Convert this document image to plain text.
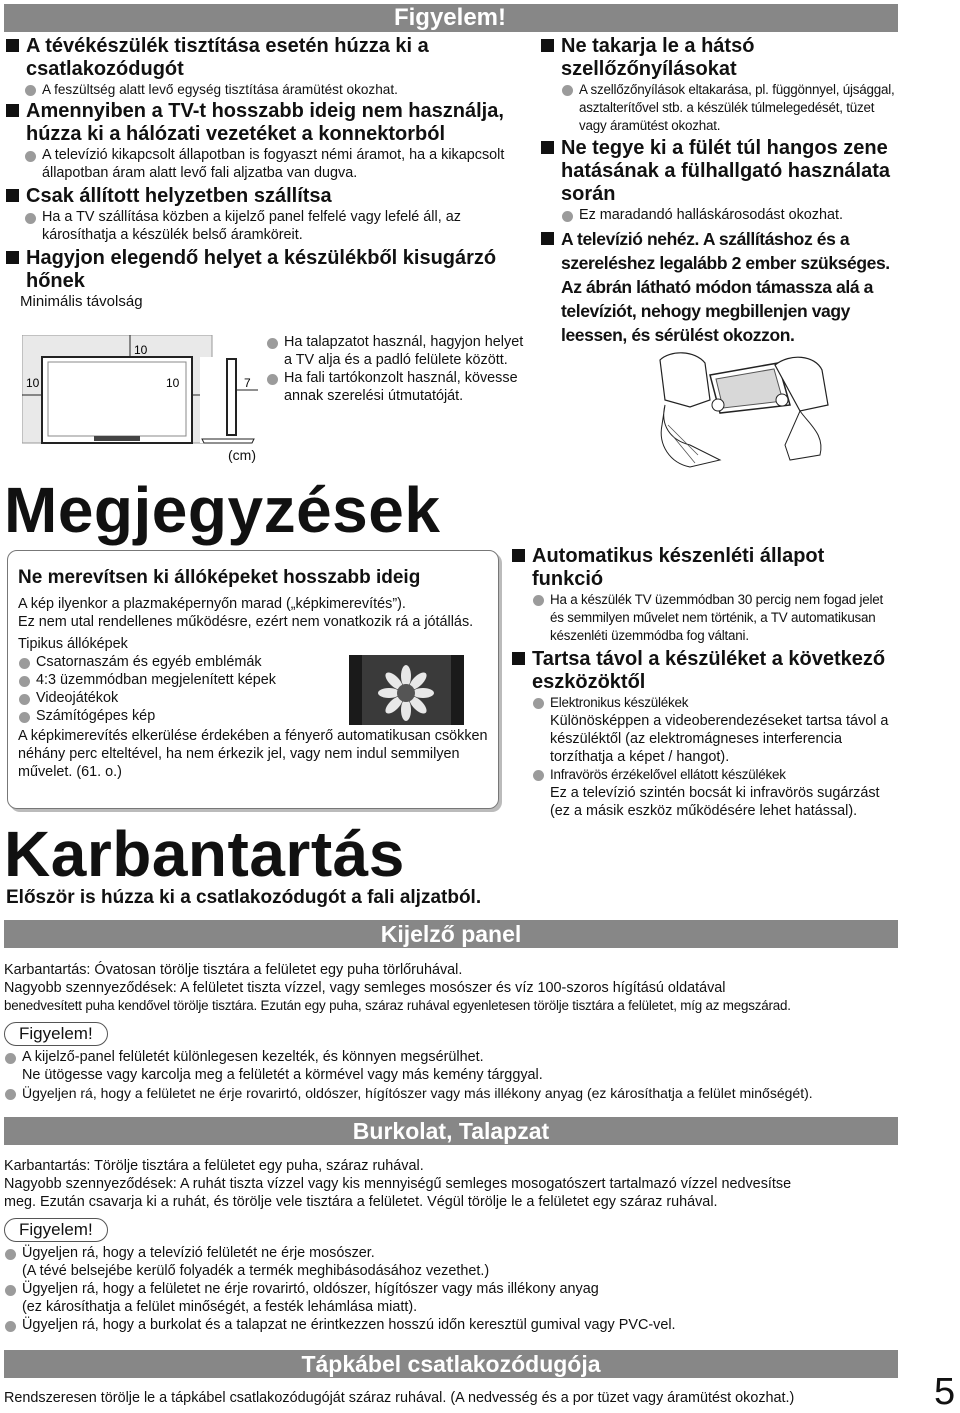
Figyelem!
A tévékészülék tisztítása esetén húzza ki a csatlakozódugót
A feszültség alatt levő egység tisztítása áramütést okozhat.
Amennyiben a TV-t hosszabb ideig nem használja, húzza ki a hálózati vezetéket a konnektorból
A televízió kikapcsolt állapotban is fogyaszt némi áramot, ha a kikapcsolt állapotban áram alatt levő fali aljzatba van dugva.
Csak állított helyzetben szállítsa
Ha a TV szállítása közben a kijelző panel felfelé vagy lefelé áll, az károsíthatja a készülék belső áramköreit.
Hagyjon elegendő helyet a készülékből kisugárzó hőnek
Minimális távolság
10
10	10	7
(cm)
Ha talapzatot használ, hagyjon helyet a TV alja és a padló felülete között.
Ha fali tartókonzolt használ, kövesse annak szerelési útmutatóját.
Ne takarja le a hátsó szellőzőnyílásokat
A szellőzőnyílások eltakarása, pl. függönnyel, újsággal, asztalterítővel stb. a készülék túlmelegedését, tüzet vagy áramütést okozhat.
Ne tegye ki a fülét túl hangos zene hatásának a fülhallgató használata során
Ez maradandó halláskárosodást okozhat.
A televízió nehéz. A szállításhoz és a szereléshez legalább 2 ember szükséges. Az ábrán látható módon támassza alá a televíziót, nehogy megbillenjen vagy leessen, és sérülést okozzon.
Megjegyzések
Ne merevítsen ki állóképeket hosszabb ideig
A kép ilyenkor a plazmaképernyőn marad („képkimerevítés”).
Ez nem utal rendellenes működésre, ezért nem vonatkozik rá a jótállás.
Tipikus állóképek
Csatornaszám és egyéb emblémák
4:3 üzemmódban megjelenített képek
Videojátékok
Számítógépes kép
A képkimerevítés elkerülése érdekében a fényerő automatikusan csökken néhány perc elteltével, ha nem érkezik jel, vagy nem indul semmilyen művelet. (61. o.)
Automatikus készenléti állapot funkció
Ha a készülék TV üzemmódban 30 percig nem fogad jelet és semmilyen művelet nem történik, a TV automatikusan készenléti üzemmódba fog váltani.
Tartsa távol a készüléket a következő eszközöktől
Elektronikus készülékek
Különösképpen a videoberendezéseket tartsa távol a készüléktől (az elektromágneses interferencia torzíthatja a képet / hangot).
Infravörös érzékelővel ellátott készülékek
Ez a televízió szintén bocsát ki infravörös sugárzást (ez a másik eszköz működésére lehet hatással).
Karbantartás
Először is húzza ki a csatlakozódugót a fali aljzatból.
Kijelző panel
Karbantartás: Óvatosan törölje tisztára a felületet egy puha törlőruhával.
Nagyobb szennyeződések: A felületet tiszta vízzel, vagy semleges mosószer és víz 100-szoros hígítású oldatával
benedvesített puha kendővel törölje tisztára. Ezután egy puha, száraz ruhával egyenletesen törölje tisztára a felületet, míg az megszárad.
Figyelem!
A kijelző-panel felületét különlegesen kezelték, és könnyen megsérülhet.
Ne ütögesse vagy karcolja meg a felületét a körmével vagy más kemény tárggyal.
Ügyeljen rá, hogy a felületet ne érje rovarirtó, oldószer, hígítószer vagy más illékony anyag (ez károsíthatja a felület minőségét).
Burkolat, Talapzat
Karbantartás: Törölje tisztára a felületet egy puha, száraz ruhával.
Nagyobb szennyeződések: A ruhát tiszta vízzel vagy kis mennyiségű semleges mosogatószert tartalmazó vízzel nedvesítse
meg. Ezután csavarja ki a ruhát, és törölje vele tisztára a felületet. Végül törölje le a felületet egy száraz ruhával.
Figyelem!
Ügyeljen rá, hogy a televízió felületét ne érje mosószer.
(A tévé belsejébe kerülő folyadék a termék meghibásodásához vezethet.)
Ügyeljen rá, hogy a felületet ne érje rovarirtó, oldószer, hígítószer vagy más illékony anyag
(ez károsíthatja a felület minőségét, a festék lehámlása miatt).
Ügyeljen rá, hogy a burkolat és a talapzat ne érintkezzen hosszú időn keresztül gumival vagy PVC-vel.
Tápkábel csatlakozódugója
Rendszeresen törölje le a tápkábel csatlakozódugóját száraz ruhával. (A nedvesség és a por tüzet vagy áramütést okozhat.)	5
